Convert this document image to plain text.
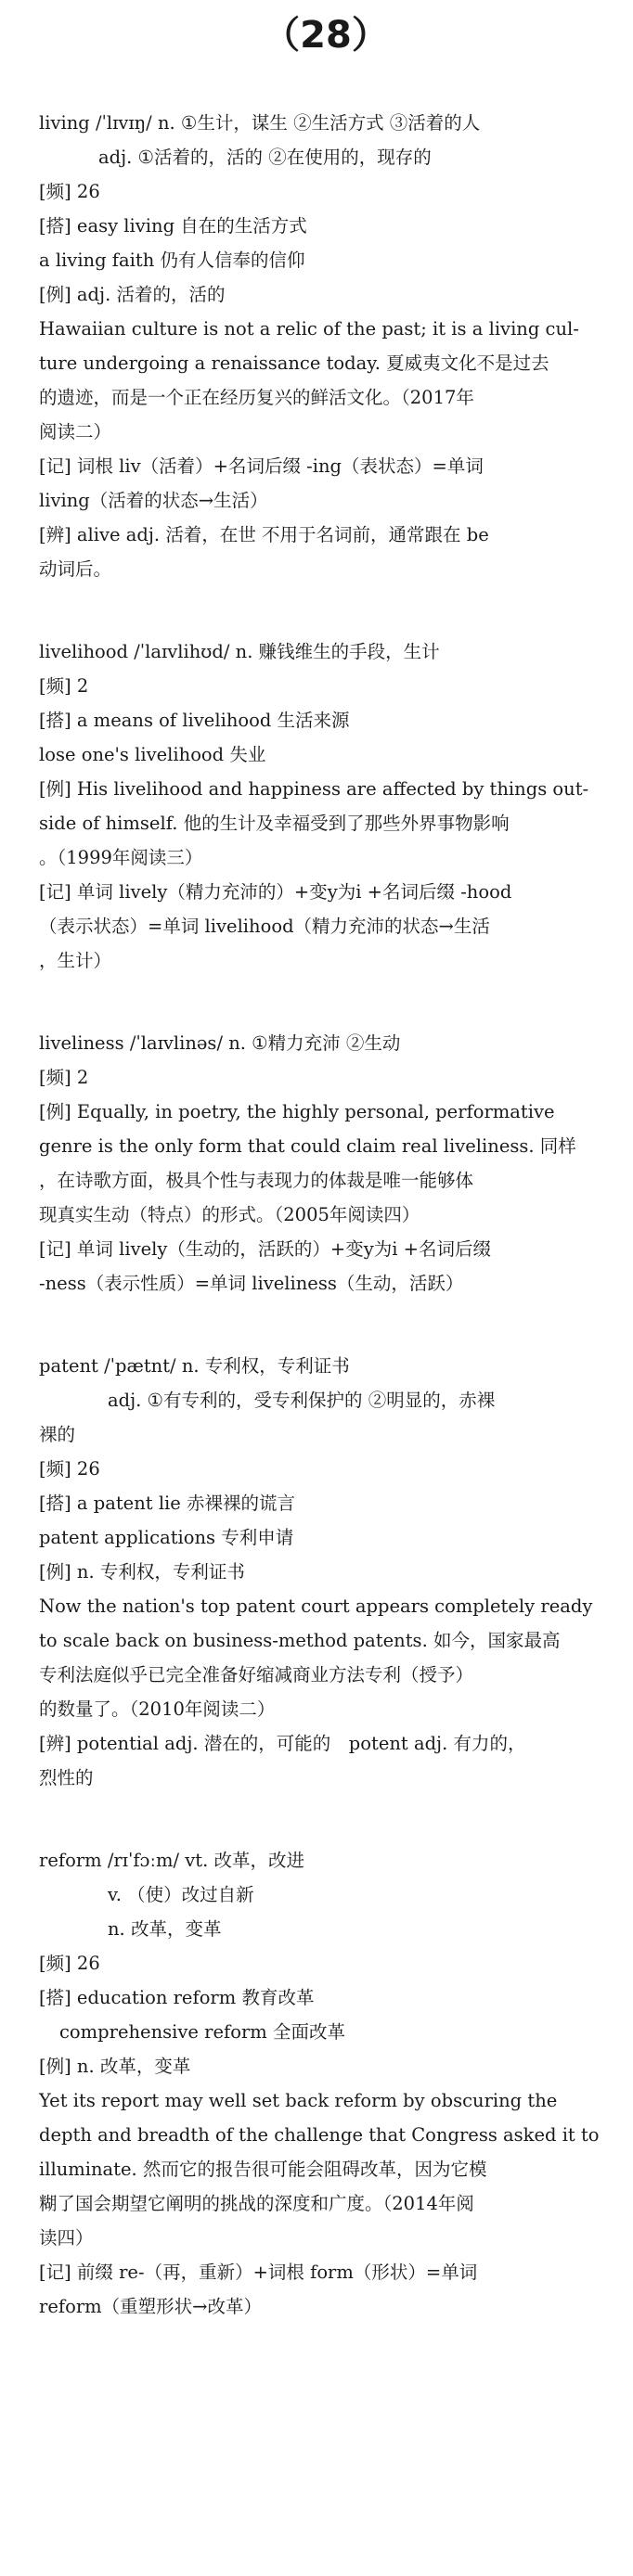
（28）

living /ˈlɪvɪŋ/ n. ①生计，谋生 ②生活方式 ③活着的人

adj. ①活着的，活的 ②在使用的，现存的

[频] 26

[搭] easy living 自在的生活方式

a living faith 仍有人信奉的信仰

[例] adj. 活着的，活的

Hawaiian culture is not a relic of the past; it is a living cul-

ture undergoing a renaissance today. 夏威夷文化不是过去

的遗迹，而是一个正在经历复兴的鲜活文化。（2017年

阅读二）

[记] 词根 liv（活着）+名词后缀 -ing（表状态）=单词

living（活着的状态→生活）

[辨] alive adj. 活着，在世 不用于名词前，通常跟在 be

动词后。

livelihood /ˈlaɪvlihʊd/ n. 赚钱维生的手段，生计

[频] 2

[搭] a means of livelihood 生活来源

lose one's livelihood 失业

[例] His livelihood and happiness are affected by things out-

side of himself. 他的生计及幸福受到了那些外界事物影响

。（1999年阅读三）

[记] 单词 lively（精力充沛的）+变y为i +名词后缀 -hood

（表示状态）=单词 livelihood（精力充沛的状态→生活

，生计）

liveliness /ˈlaɪvlinəs/ n. ①精力充沛 ②生动

[频] 2

[例] Equally, in poetry, the highly personal, performative

genre is the only form that could claim real liveliness. 同样

，在诗歌方面，极具个性与表现力的体裁是唯一能够体

现真实生动（特点）的形式。（2005年阅读四）

[记] 单词 lively（生动的，活跃的）+变y为i +名词后缀

-ness（表示性质）=单词 liveliness（生动，活跃）

patent /ˈpætnt/ n. 专利权，专利证书

adj. ①有专利的，受专利保护的 ②明显的，赤裸

裸的

[频] 26

[搭] a patent lie 赤裸裸的谎言

patent applications 专利申请

[例] n. 专利权，专利证书

Now the nation's top patent court appears completely ready

to scale back on business-method patents. 如今，国家最高

专利法庭似乎已完全准备好缩减商业方法专利（授予）

的数量了。（2010年阅读二）

[辨] potential adj. 潜在的，可能的　potent adj. 有力的，

烈性的

reform /rɪˈfɔːm/ vt. 改革，改进

v. （使）改过自新

n. 改革，变革

[频] 26

[搭] education reform 教育改革

comprehensive reform 全面改革

[例] n. 改革，变革

Yet its report may well set back reform by obscuring the

depth and breadth of the challenge that Congress asked it to

illuminate. 然而它的报告很可能会阻碍改革，因为它模

糊了国会期望它阐明的挑战的深度和广度。（2014年阅

读四）

[记] 前缀 re-（再，重新）+词根 form（形状）=单词

reform（重塑形状→改革）
